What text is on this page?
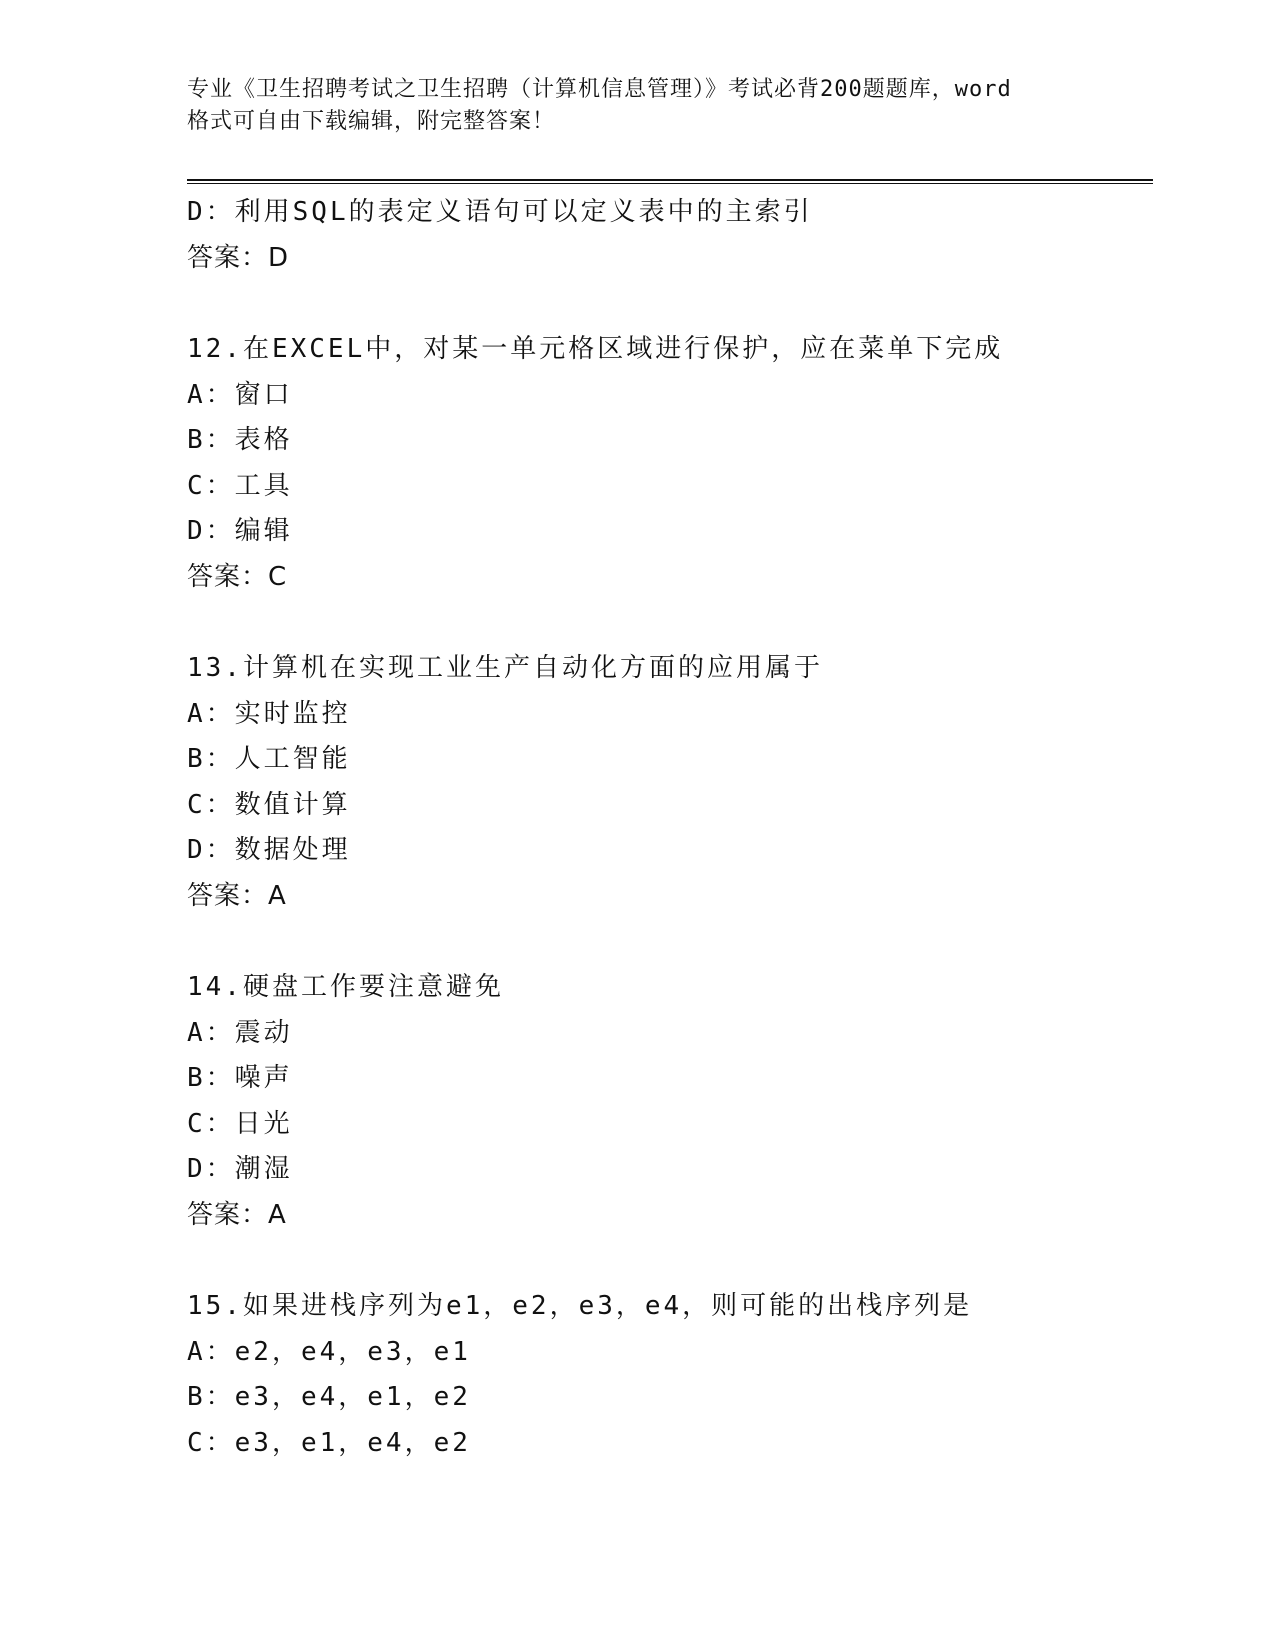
专业《卫生招聘考试之卫生招聘（计算机信息管理）》考试必背200题题库，word
格式可自由下载编辑，附完整答案！
D：利用SQL的表定义语句可以定义表中的主索引
答案：D
12.在EXCEL中，对某一单元格区域进行保护，应在菜单下完成
A：窗口
B：表格
C：工具
D：编辑
答案：C
13.计算机在实现工业生产自动化方面的应用属于
A：实时监控
B：人工智能
C：数值计算
D：数据处理
答案：A
14.硬盘工作要注意避免
A：震动
B：噪声
C：日光
D：潮湿
答案：A
15.如果进栈序列为e1，e2，e3，e4，则可能的出栈序列是
A：e2，e4，e3，e1
B：e3，e4，e1，e2
C：e3，e1，e4，e2
